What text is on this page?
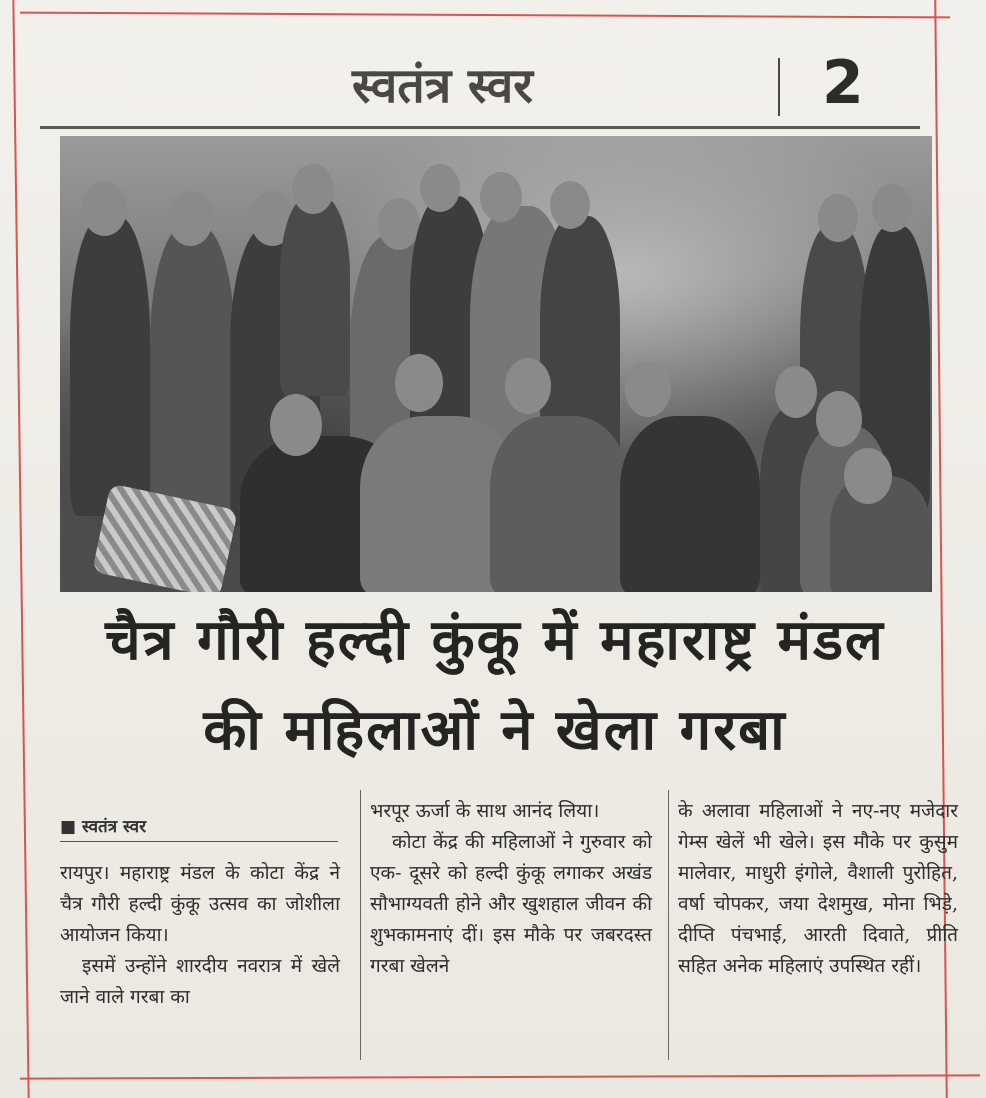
स्वतंत्र स्वर	2
चैत्र गौरी हल्दी कुंकू में महाराष्ट्र मंडल
की महिलाओं ने खेला गरबा
■ स्वतंत्र स्वर

रायपुर। महाराष्ट्र मंडल के कोटा केंद्र ने चैत्र गौरी हल्दी कुंकू उत्सव का जोशीला आयोजन किया।

इसमें उन्होंने शारदीय नवरात्र में खेले जाने वाले गरबा का

भरपूर ऊर्जा के साथ आनंद लिया।

कोटा केंद्र की महिलाओं ने गुरुवार को एक- दूसरे को हल्दी कुंकू लगाकर अखंड सौभाग्यवती होने और खुशहाल जीवन की शुभकामनाएं दीं। इस मौके पर जबरदस्त गरबा खेलने

के अलावा महिलाओं ने नए-नए मजेदार गेम्स खेलें भी खेले। इस मौके पर कुसुम मालेवार, माधुरी इंगोले, वैशाली पुरोहित, वर्षा चोपकर, जया देशमुख, मोना भिड़े, दीप्ति पंचभाई, आरती दिवाते, प्रीति सहित अनेक महिलाएं उपस्थित रहीं।
